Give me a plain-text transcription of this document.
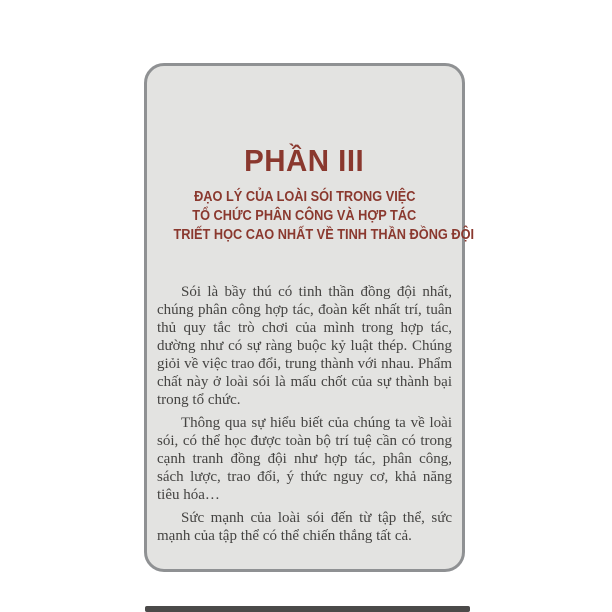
PHẦN III
ĐẠO LÝ CỦA LOÀI SÓI TRONG VIỆC
TỔ CHỨC PHÂN CÔNG VÀ HỢP TÁC
TRIẾT HỌC CAO NHẤT VỀ TINH THẦN ĐỒNG ĐỘI

Sói là bầy thú có tinh thần đồng đội nhất, chúng phân công hợp tác, đoàn kết nhất trí, tuân thủ quy tắc trò chơi của mình trong hợp tác, dường như có sự ràng buộc kỷ luật thép. Chúng giỏi về việc trao đổi, trung thành với nhau. Phẩm chất này ở loài sói là mấu chốt của sự thành bại trong tổ chức.

Thông qua sự hiểu biết của chúng ta về loài sói, có thể học được toàn bộ trí tuệ cần có trong cạnh tranh đồng đội như hợp tác, phân công, sách lược, trao đổi, ý thức nguy cơ, khả năng tiêu hóa…

Sức mạnh của loài sói đến từ tập thể, sức mạnh của tập thể có thể chiến thắng tất cả.
